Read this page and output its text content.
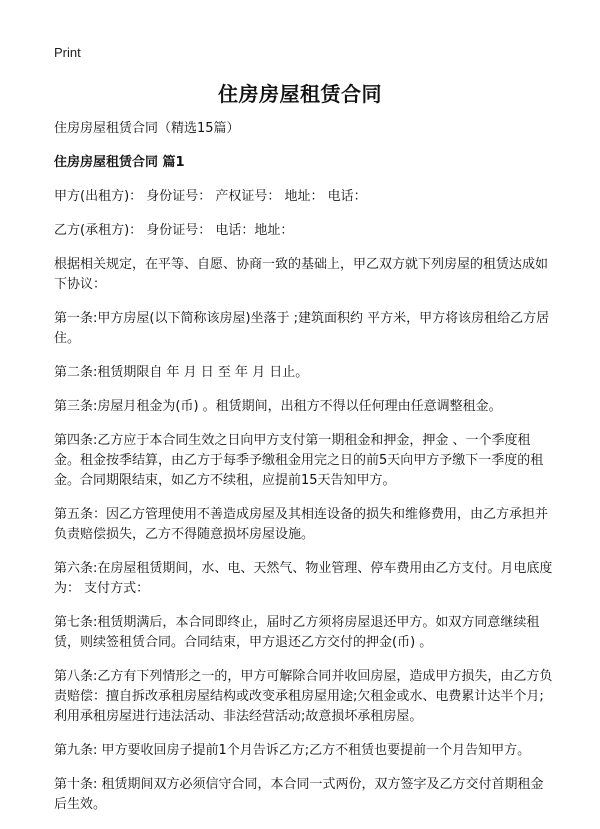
Print
住房房屋租赁合同

住房房屋租赁合同（精选15篇）

住房房屋租赁合同 篇1

甲方(出租方)： 身份证号： 产权证号： 地址： 电话：

乙方(承租方)： 身份证号： 电话：地址：

根据相关规定，在平等、自愿、协商一致的基础上，甲乙双方就下列房屋的租赁达成如下协议：

第一条:甲方房屋(以下简称该房屋)坐落于 ;建筑面积约 平方米，甲方将该房租给乙方居住。

第二条:租赁期限自 年 月 日 至 年 月 日止。

第三条:房屋月租金为(币) 。租赁期间，出租方不得以任何理由任意调整租金。

第四条:乙方应于本合同生效之日向甲方支付第一期租金和押金，押金 、一个季度租金。租金按季结算，由乙方于每季予缴租金用完之日的前5天向甲方予缴下一季度的租金。合同期限结束，如乙方不续租，应提前15天告知甲方。

第五条：因乙方管理使用不善造成房屋及其相连设备的损失和维修费用，由乙方承担并负责赔偿损失，乙方不得随意损坏房屋设施。

第六条:在房屋租赁期间，水、电、天然气、物业管理、停车费用由乙方支付。月电底度为： 支付方式：

第七条:租赁期满后，本合同即终止，届时乙方须将房屋退还甲方。如双方同意继续租赁，则续签租赁合同。合同结束，甲方退还乙方交付的押金(币) 。

第八条:乙方有下列情形之一的，甲方可解除合同并收回房屋，造成甲方损失，由乙方负责赔偿：擅自拆改承租房屋结构或改变承租房屋用途;欠租金或水、电费累计达半个月;利用承租房屋进行违法活动、非法经营活动;故意损坏承租房屋。

第九条: 甲方要收回房子提前1个月告诉乙方;乙方不租赁也要提前一个月告知甲方。

第十条: 租赁期间双方必须信守合同，本合同一式两份，双方签字及乙方交付首期租金后生效。
